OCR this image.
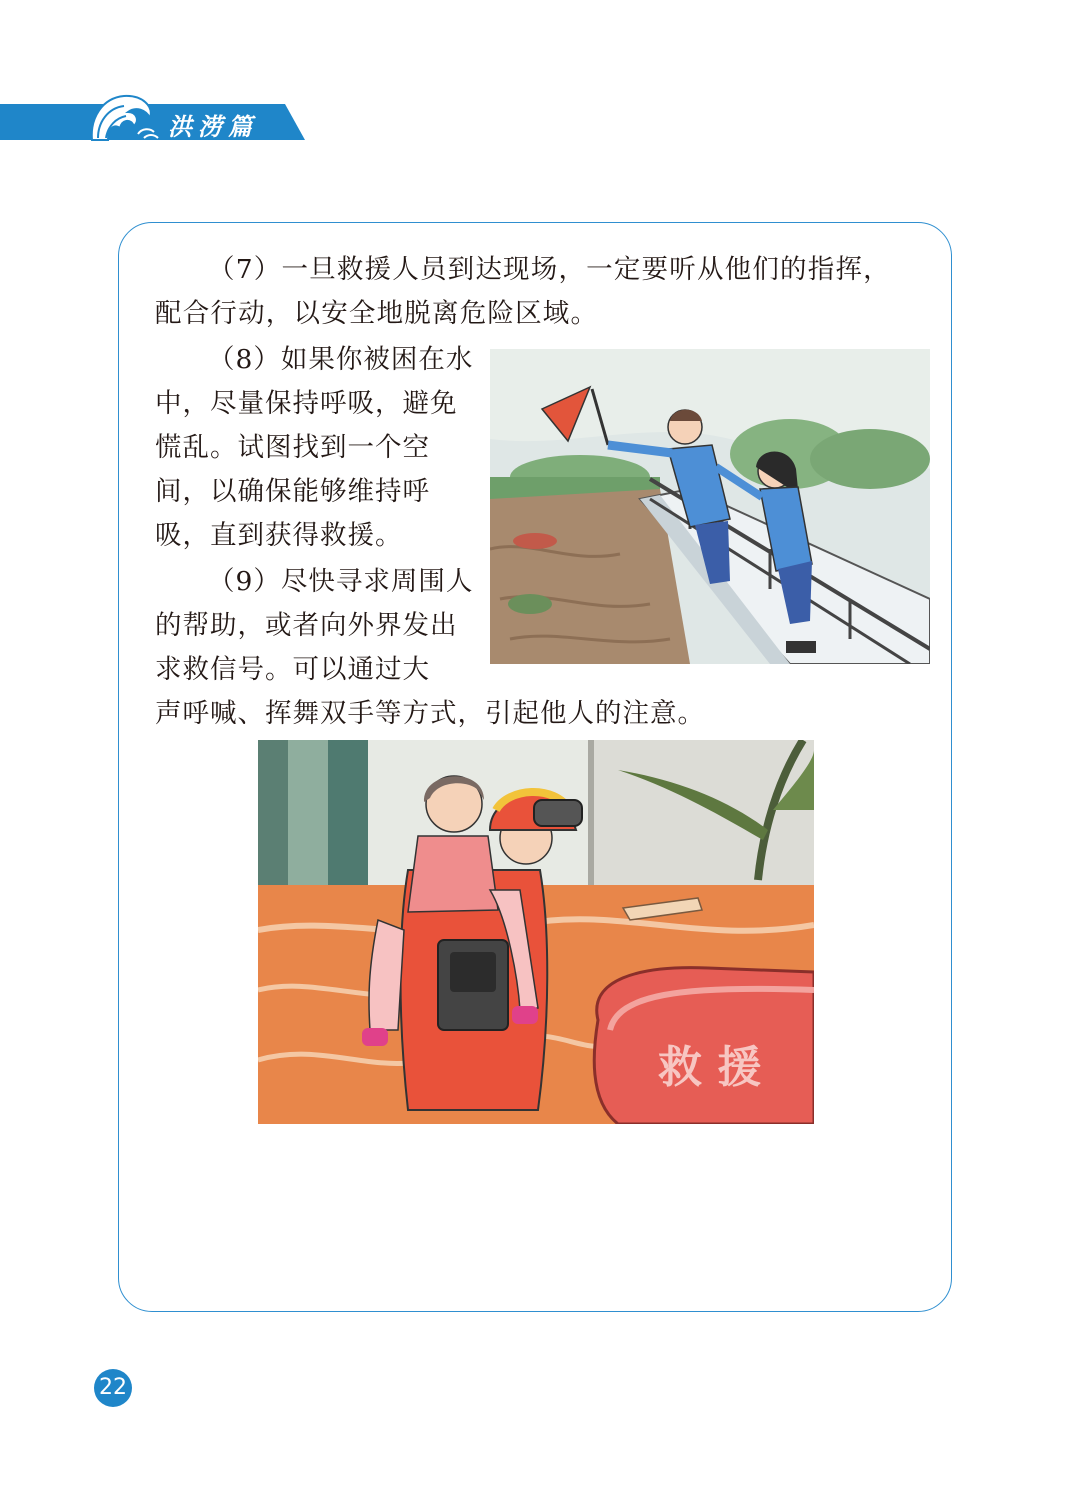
洪涝篇

（7）一旦救援人员到达现场，一定要听从他们的指挥，配合行动，以安全地脱离危险区域。

（8）如果你被困在水中，尽量保持呼吸，避免慌乱。试图找到一个空间，以确保能够维持呼吸，直到获得救援。

（9）尽快寻求周围人的帮助，或者向外界发出求救信号。可以通过大

声呼喊、挥舞双手等方式，引起他人的注意。

救 援
22
